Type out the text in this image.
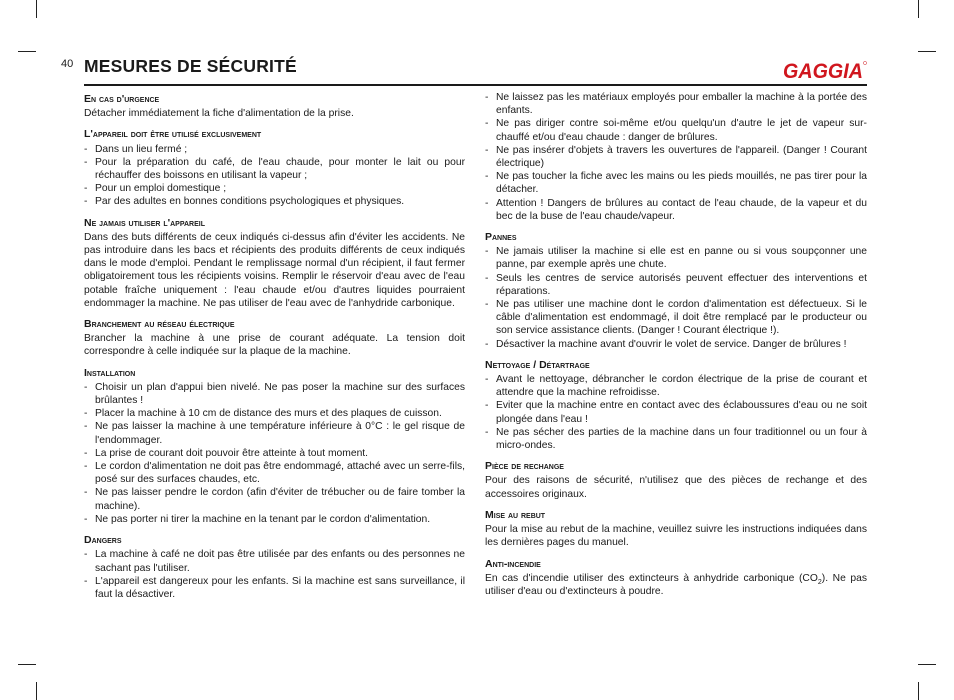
40 MESURES DE SÉCURITÉ	GAGGIA
En cas d'urgence

Détacher immédiatement la fiche d'alimentation de la prise.

L'appareil doit être utilisé exclusivement
- Dans un lieu fermé ;
- Pour la préparation du café, de l'eau chaude, pour monter le lait ou pour réchauffer des boissons en utilisant la vapeur ;
- Pour un emploi domestique ;
- Par des adultes en bonnes conditions psychologiques et physiques.
Ne jamais utiliser l'appareil

Dans des buts différents de ceux indiqués ci-dessus afin d'éviter les accidents. Ne pas introduire dans les bacs et récipients des produits différents de ceux indiqués dans le mode d'emploi. Pendant le remplissage normal d'un récipient, il faut fermer obligatoirement tous les récipients voisins. Remplir le réservoir d'eau avec de l'eau potable fraîche uniquement : l'eau chaude et/ou d'autres liquides pourraient endommager la machine. Ne pas utiliser de l'eau avec de l'anhydride carbonique.

Branchement au réseau électrique

Brancher la machine à une prise de courant adéquate. La tension doit correspondre à celle indiquée sur la plaque de la machine.

Installation
- Choisir un plan d'appui bien nivelé. Ne pas poser la machine sur des surfaces brûlantes !
- Placer la machine à 10 cm de distance des murs et des plaques de cuisson.
- Ne pas laisser la machine à une température inférieure à 0°C : le gel risque de l'endommager.
- La prise de courant doit pouvoir être atteinte à tout moment.
- Le cordon d'alimentation ne doit pas être endommagé, attaché avec un serre-fils, posé sur des surfaces chaudes, etc.
- Ne pas laisser pendre le cordon (afin d'éviter de trébucher ou de faire tomber la machine).
- Ne pas porter ni tirer la machine en la tenant par le cordon d'alimentation.
Dangers
- La machine à café ne doit pas être utilisée par des enfants ou des personnes ne sachant pas l'utiliser.
- L'appareil est dangereux pour les enfants. Si la machine est sans surveillance, il faut la désactiver.
- Ne laissez pas les matériaux employés pour emballer la machine à la portée des enfants.
- Ne pas diriger contre soi-même et/ou quelqu'un d'autre le jet de vapeur sur-chauffé et/ou d'eau chaude : danger de brûlures.
- Ne pas insérer d'objets à travers les ouvertures de l'appareil. (Danger ! Courant électrique)
- Ne pas toucher la fiche avec les mains ou les pieds mouillés, ne pas tirer pour la détacher.
- Attention ! Dangers de brûlures au contact de l'eau chaude, de la vapeur et du bec de la buse de l'eau chaude/vapeur.
Pannes
- Ne jamais utiliser la machine si elle est en panne ou si vous soupçonner une panne, par exemple après une chute.
- Seuls les centres de service autorisés peuvent effectuer des interventions et réparations.
- Ne pas utiliser une machine dont le cordon d'alimentation est défectueux. Si le câble d'alimentation est endommagé, il doit être remplacé par le producteur ou son service assistance clients. (Danger ! Courant électrique !).
- Désactiver la machine avant d'ouvrir le volet de service. Danger de brûlures !
Nettoyage / Détartrage
- Avant le nettoyage, débrancher le cordon électrique de la prise de courant et attendre que la machine refroidisse.
- Eviter que la machine entre en contact avec des éclaboussures d'eau ou ne soit plongée dans l'eau !
- Ne pas sécher des parties de la machine dans un four traditionnel ou un four à micro-ondes.
Pièce de rechange

Pour des raisons de sécurité, n'utilisez que des pièces de rechange et des accessoires originaux.

Mise au rebut

Pour la mise au rebut de la machine, veuillez suivre les instructions indiquées dans les dernières pages du manuel.

Anti-incendie

En cas d'incendie utiliser des extincteurs à anhydride carbonique $(CO_2)$. Ne pas utiliser d'eau ou d'extincteurs à poudre.
